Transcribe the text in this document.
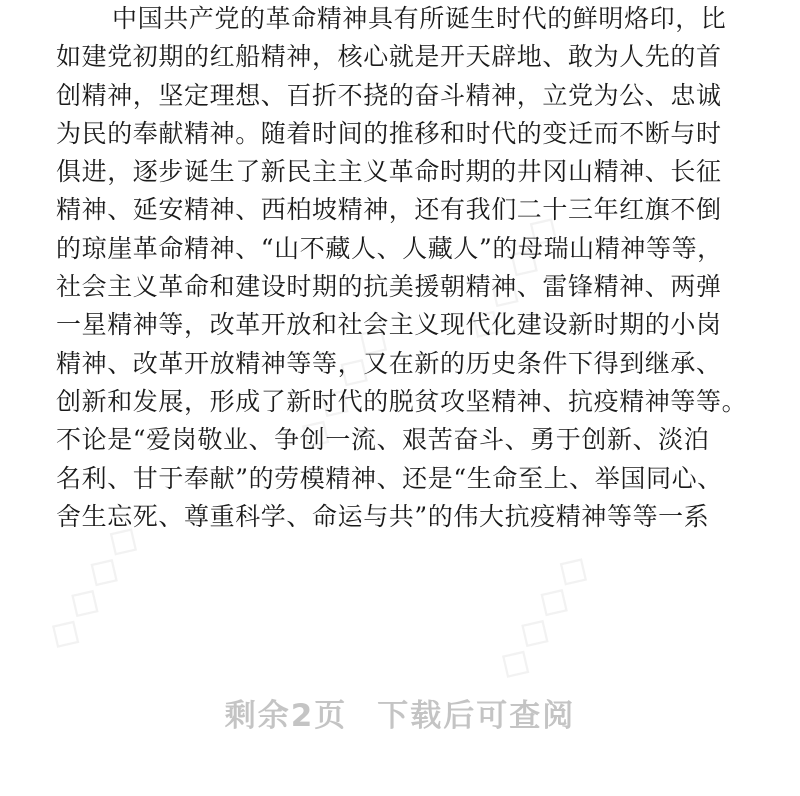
◇◇◇◇
◇◇◇◇
◇◇◇◇	◇◇◇◇
中国共产党的革命精神具有所诞生时代的鲜明烙印，比
如建党初期的红船精神，核心就是开天辟地、敢为人先的首
创精神，坚定理想、百折不挠的奋斗精神，立党为公、忠诚
为民的奉献精神。随着时间的推移和时代的变迁而不断与时
俱进，逐步诞生了新民主主义革命时期的井冈山精神、长征
精神、延安精神、西柏坡精神，还有我们二十三年红旗不倒
的琼崖革命精神、“山不藏人、人藏人”的母瑞山精神等等，
社会主义革命和建设时期的抗美援朝精神、雷锋精神、两弹
一星精神等，改革开放和社会主义现代化建设新时期的小岗
精神、改革开放精神等等，又在新的历史条件下得到继承、
创新和发展，形成了新时代的脱贫攻坚精神、抗疫精神等等。
不论是“爱岗敬业、争创一流、艰苦奋斗、勇于创新、淡泊
名利、甘于奉献”的劳模精神、还是“生命至上、举国同心、
舍生忘死、尊重科学、命运与共”的伟大抗疫精神等等一系
剩余2页 下载后可查阅
